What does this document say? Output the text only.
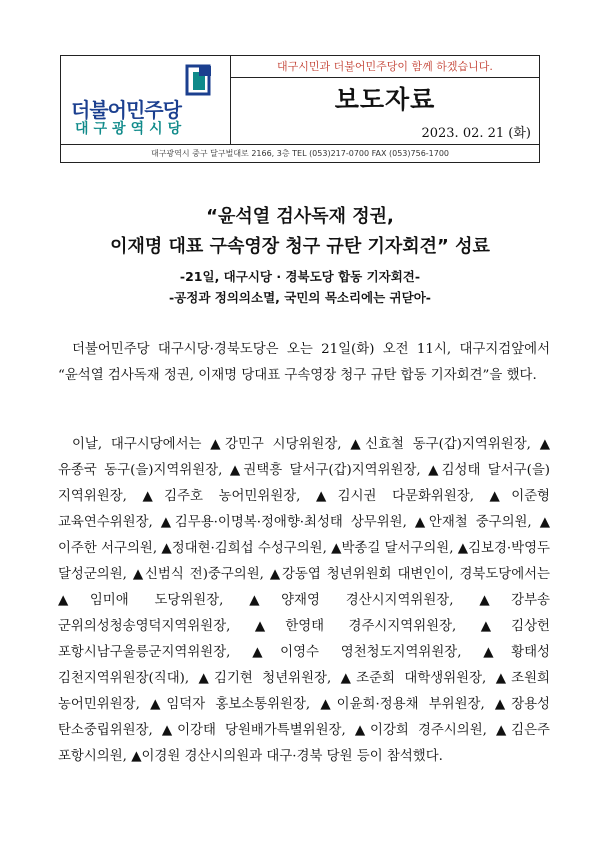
더불어민주당
대구광역시당
대구시민과 더불어민주당이 함께 하겠습니다.
보도자료
2023. 02. 21 (화)
대구광역시 중구 달구벌대로 2166, 3층 TEL (053)217-0700 FAX (053)756-1700
“윤석열 검사독재 정권,
이재명 대표 구속영장 청구 규탄 기자회견” 성료
-21일, 대구시당 · 경북도당 합동 기자회견-
-공정과 정의의소멸, 국민의 목소리에는 귀닫아-
더불어민주당 대구시당·경북도당은 오는 21일(화) 오전 11시, 대구지검앞에서 “윤석열 검사독재 정권, 이재명 당대표 구속영장 청구 규탄 합동 기자회견”을 했다.
이날, 대구시당에서는 ▲강민구 시당위원장, ▲신효철 동구(갑)지역위원장, ▲유종국 동구(을)지역위원장, ▲권택흥 달서구(갑)지역위원장, ▲김성태 달서구(을)지역위원장, ▲김주호 농어민위원장, ▲김시권 다문화위원장, ▲이준형 교육연수위원장, ▲김무용·이명복·정애향·최성태 상무위원, ▲안재철 중구의원, ▲이주한 서구의원, ▲정대현·김희섭 수성구의원, ▲박종길 달서구의원, ▲김보경·박영두 달성군의원, ▲신범식 전)중구의원, ▲강동엽 청년위원회 대변인이, 경북도당에서는 ▲임미애 도당위원장, ▲양재영 경산시지역위원장, ▲강부송 군위의성청송영덕지역위원장, ▲한영태 경주시지역위원장, ▲김상헌 포항시남구울릉군지역위원장, ▲이영수 영천청도지역위원장, ▲황태성 김천지역위원장(직대), ▲김기현 청년위원장, ▲조준희 대학생위원장, ▲조원희 농어민위원장, ▲임덕자 홍보소통위원장, ▲이윤희·정용채 부위원장, ▲장용성 탄소중립위원장, ▲이강태 당원배가특별위원장, ▲이강희 경주시의원, ▲김은주 포항시의원, ▲이경원 경산시의원과 대구·경북 당원 등이 참석했다.
